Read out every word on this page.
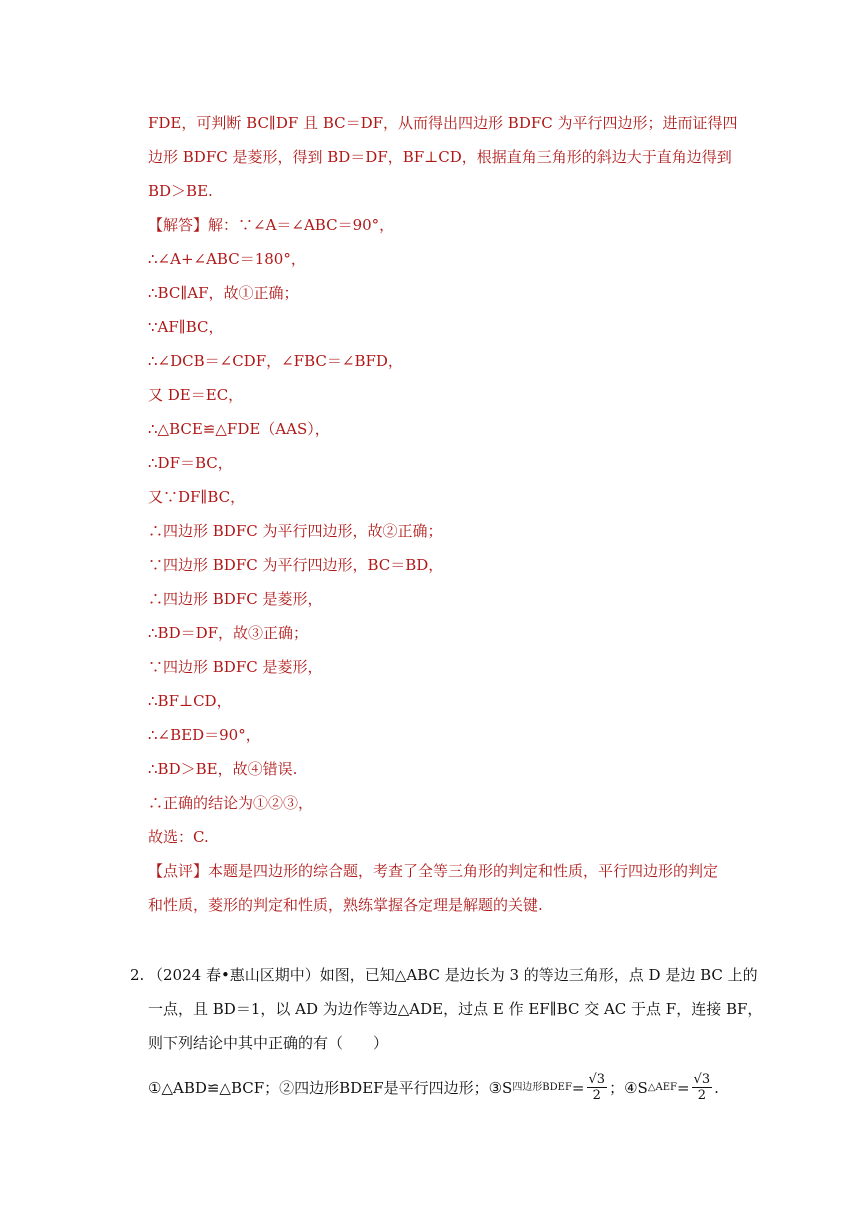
FDE，可判断 BC∥DF 且 BC＝DF，从而得出四边形 BDFC 为平行四边形；进而证得四
边形 BDFC 是菱形，得到 BD＝DF，BF⊥CD，根据直角三角形的斜边大于直角边得到
BD＞BE.
【解答】解：∵∠A＝∠ABC＝90°，
∴∠A+∠ABC＝180°，
∴BC∥AF，故①正确；
∵AF∥BC，
∴∠DCB＝∠CDF，∠FBC＝∠BFD，
又 DE＝EC，
∴△BCE≌△FDE（AAS），
∴DF＝BC，
又∵DF∥BC，
∴四边形 BDFC 为平行四边形，故②正确；
∵四边形 BDFC 为平行四边形，BC＝BD，
∴四边形 BDFC 是菱形，
∴BD＝DF，故③正确；
∵四边形 BDFC 是菱形，
∴BF⊥CD，
∴∠BED＝90°，
∴BD＞BE，故④错误.
∴正确的结论为①②③，
故选：C.
【点评】本题是四边形的综合题，考查了全等三角形的判定和性质，平行四边形的判定
和性质，菱形的判定和性质，熟练掌握各定理是解题的关键.
2. （2024 春•惠山区期中）如图，已知△ABC 是边长为 3 的等边三角形，点 D 是边 BC 上的
一点，且 BD＝1，以 AD 为边作等边△ADE，过点 E 作 EF∥BC 交 AC 于点 F，连接 BF，
则下列结论中其中正确的有（　　）
①△ABD≌△BCF； ②四边形BDEF是平行四边形； ③S 四边形BDEF = $\frac{√3}{2}$ ； ④S △AEF = $\frac{√3}{2}$ .
